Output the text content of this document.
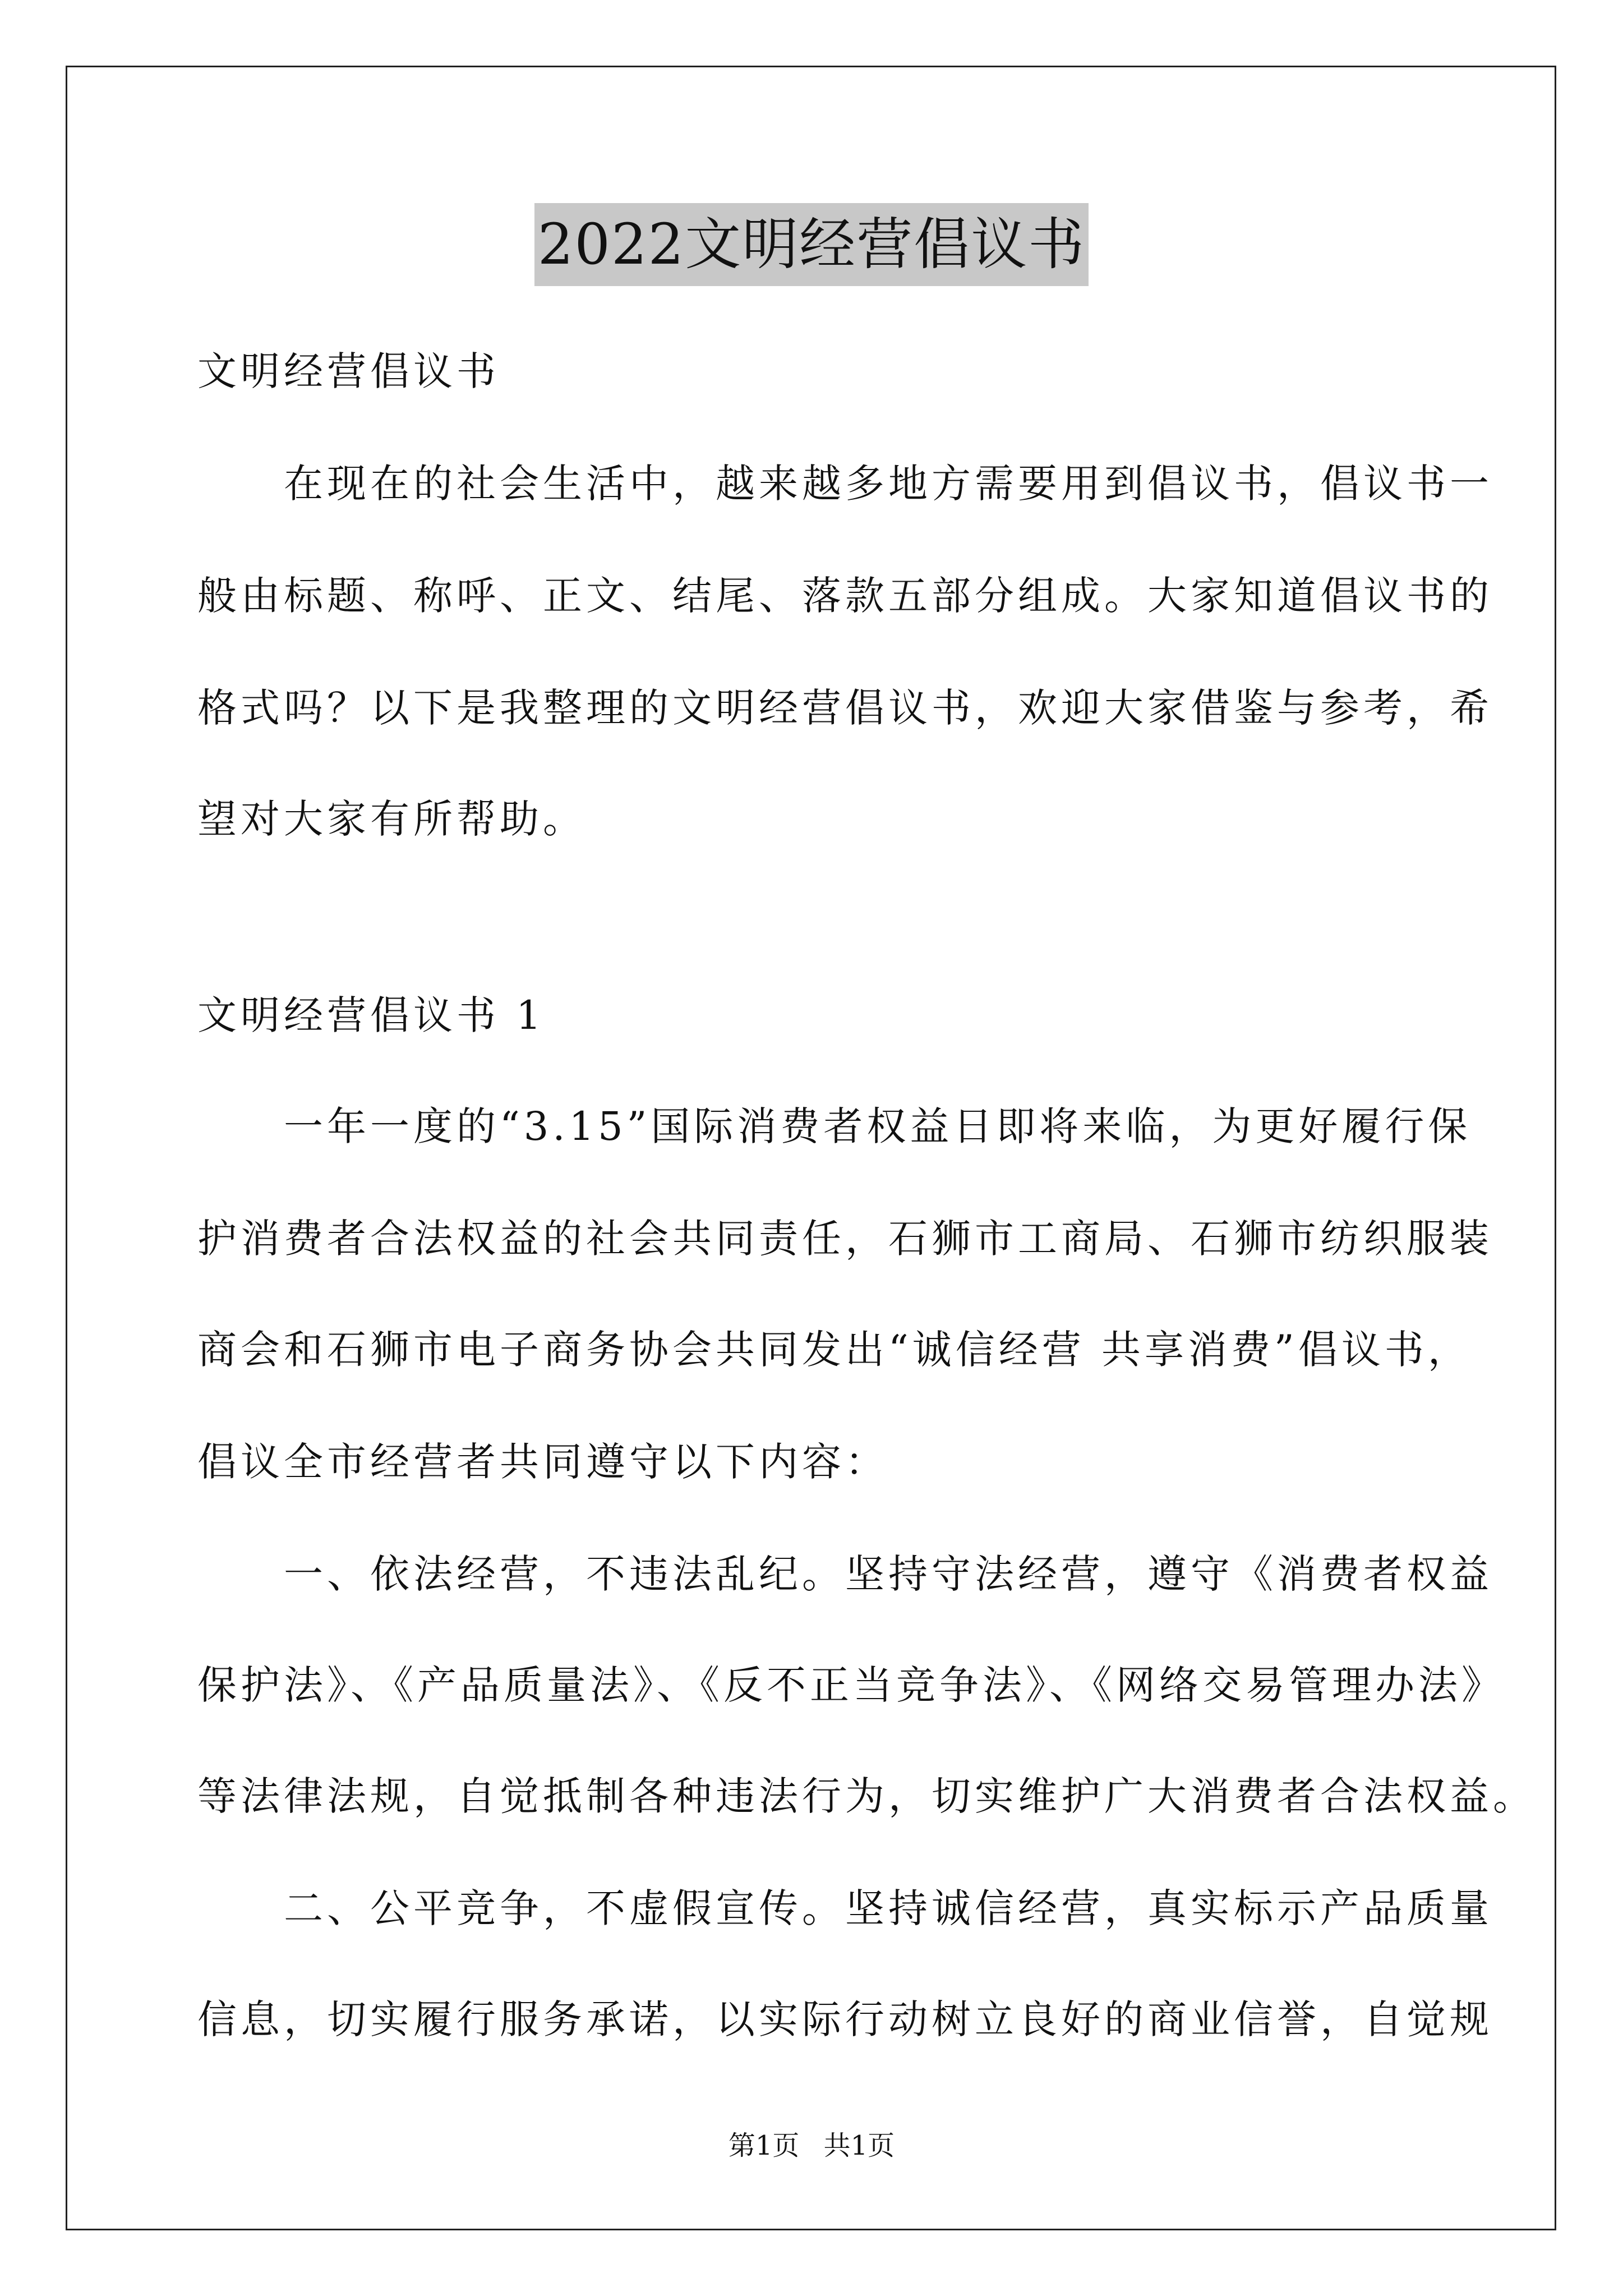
2022文明经营倡议书
文明经营倡议书
　　在现在的社会生活中，越来越多地方需要用到倡议书，倡议书一
般由标题、称呼、正文、结尾、落款五部分组成。大家知道倡议书的
格式吗？以下是我整理的文明经营倡议书，欢迎大家借鉴与参考，希
望对大家有所帮助。
文明经营倡议书 1
　　一年一度的“3.15”国际消费者权益日即将来临，为更好履行保
护消费者合法权益的社会共同责任，石狮市工商局、石狮市纺织服装
商会和石狮市电子商务协会共同发出“诚信经营 共享消费”倡议书，
倡议全市经营者共同遵守以下内容：
　　一、依法经营，不违法乱纪。坚持守法经营，遵守《消费者权益
保护法》、《产品质量法》、《反不正当竞争法》、《网络交易管理办法》
等法律法规，自觉抵制各种违法行为，切实维护广大消费者合法权益。
　　二、公平竞争，不虚假宣传。坚持诚信经营，真实标示产品质量
信息，切实履行服务承诺，以实际行动树立良好的商业信誉，自觉规
第1页 共1页
